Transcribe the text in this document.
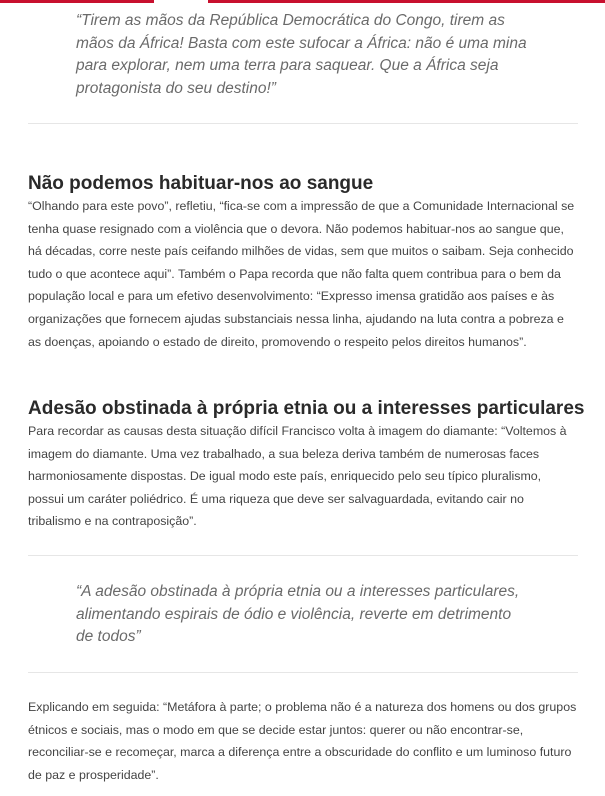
“Tirem as mãos da República Democrática do Congo, tirem as mãos da África! Basta com este sufocar a África: não é uma mina para explorar, nem uma terra para saquear. Que a África seja protagonista do seu destino!”
Não podemos habituar-nos ao sangue

“Olhando para este povo”, refletiu, “fica-se com a impressão de que a Comunidade Internacional se tenha quase resignado com a violência que o devora. Não podemos habituar-nos ao sangue que, há décadas, corre neste país ceifando milhões de vidas, sem que muitos o saibam. Seja conhecido tudo o que acontece aqui”. Também o Papa recorda que não falta quem contribua para o bem da população local e para um efetivo desenvolvimento: “Expresso imensa gratidão aos países e às organizações que fornecem ajudas substanciais nessa linha, ajudando na luta contra a pobreza e as doenças, apoiando o estado de direito, promovendo o respeito pelos direitos humanos”.

Adesão obstinada à própria etnia ou a interesses particulares

Para recordar as causas desta situação difícil Francisco volta à imagem do diamante: “Voltemos à imagem do diamante. Uma vez trabalhado, a sua beleza deriva também de numerosas faces harmoniosamente dispostas. De igual modo este país, enriquecido pelo seu típico pluralismo, possui um caráter poliédrico. É uma riqueza que deve ser salvaguardada, evitando cair no tribalismo e na contraposição”.

“A adesão obstinada à própria etnia ou a interesses particulares, alimentando espirais de ódio e violência, reverte em detrimento de todos”

Explicando em seguida: “Metáfora à parte; o problema não é a natureza dos homens ou dos grupos étnicos e sociais, mas o modo em que se decide estar juntos: querer ou não encontrar-se, reconciliar-se e recomeçar, marca a diferença entre a obscuridade do conflito e um luminoso futuro de paz e prosperidade”.
